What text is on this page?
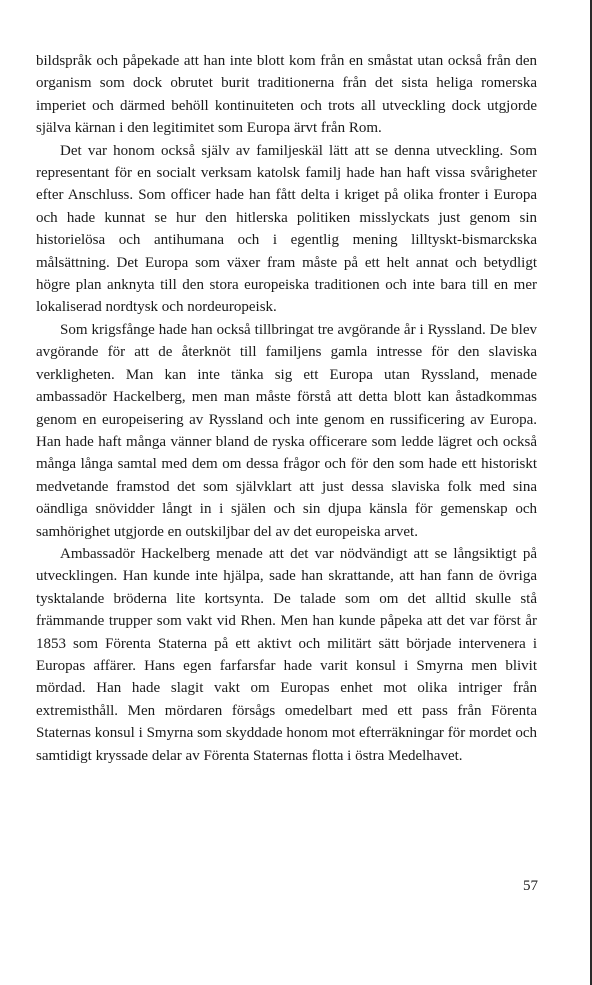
bildspråk och påpekade att han inte blott kom från en småstat utan också från den organism som dock obrutet burit traditionerna från det sista heliga romerska imperiet och därmed behöll kontinuiteten och trots all utveckling dock utgjorde själva kärnan i den legitimitet som Europa ärvt från Rom.

Det var honom också själv av familjeskäl lätt att se denna utveckling. Som representant för en socialt verksam katolsk familj hade han haft vissa svårigheter efter Anschluss. Som officer hade han fått delta i kriget på olika fronter i Europa och hade kunnat se hur den hitlerska politiken misslyckats just genom sin historielösa och antihumana och i egentlig mening lilltyskt-bismarckska målsättning. Det Europa som växer fram måste på ett helt annat och betydligt högre plan anknyta till den stora europeiska traditionen och inte bara till en mer lokaliserad nordtysk och nordeuropeisk.

Som krigsfånge hade han också tillbringat tre avgörande år i Ryssland. De blev avgörande för att de återknöt till familjens gamla intresse för den slaviska verkligheten. Man kan inte tänka sig ett Europa utan Ryssland, menade ambassadör Hackelberg, men man måste förstå att detta blott kan åstadkommas genom en europeisering av Ryssland och inte genom en russificering av Europa. Han hade haft många vänner bland de ryska officerare som ledde lägret och också många långa samtal med dem om dessa frågor och för den som hade ett historiskt medvetande framstod det som självklart att just dessa slaviska folk med sina oändliga snövidder långt in i själen och sin djupa känsla för gemenskap och samhörighet utgjorde en outskiljbar del av det europeiska arvet.

Ambassadör Hackelberg menade att det var nödvändigt att se långsiktigt på utvecklingen. Han kunde inte hjälpa, sade han skrattande, att han fann de övriga tysktalande bröderna lite kortsynta. De talade som om det alltid skulle stå främmande trupper som vakt vid Rhen. Men han kunde påpeka att det var först år 1853 som Förenta Staterna på ett aktivt och militärt sätt började intervenera i Europas affärer. Hans egen farfarsfar hade varit konsul i Smyrna men blivit mördad. Han hade slagit vakt om Europas enhet mot olika intriger från extremisthåll. Men mördaren försågs omedelbart med ett pass från Förenta Staternas konsul i Smyrna som skyddade honom mot efterräkningar för mordet och samtidigt kryssade delar av Förenta Staternas flotta i östra Medelhavet.

57
